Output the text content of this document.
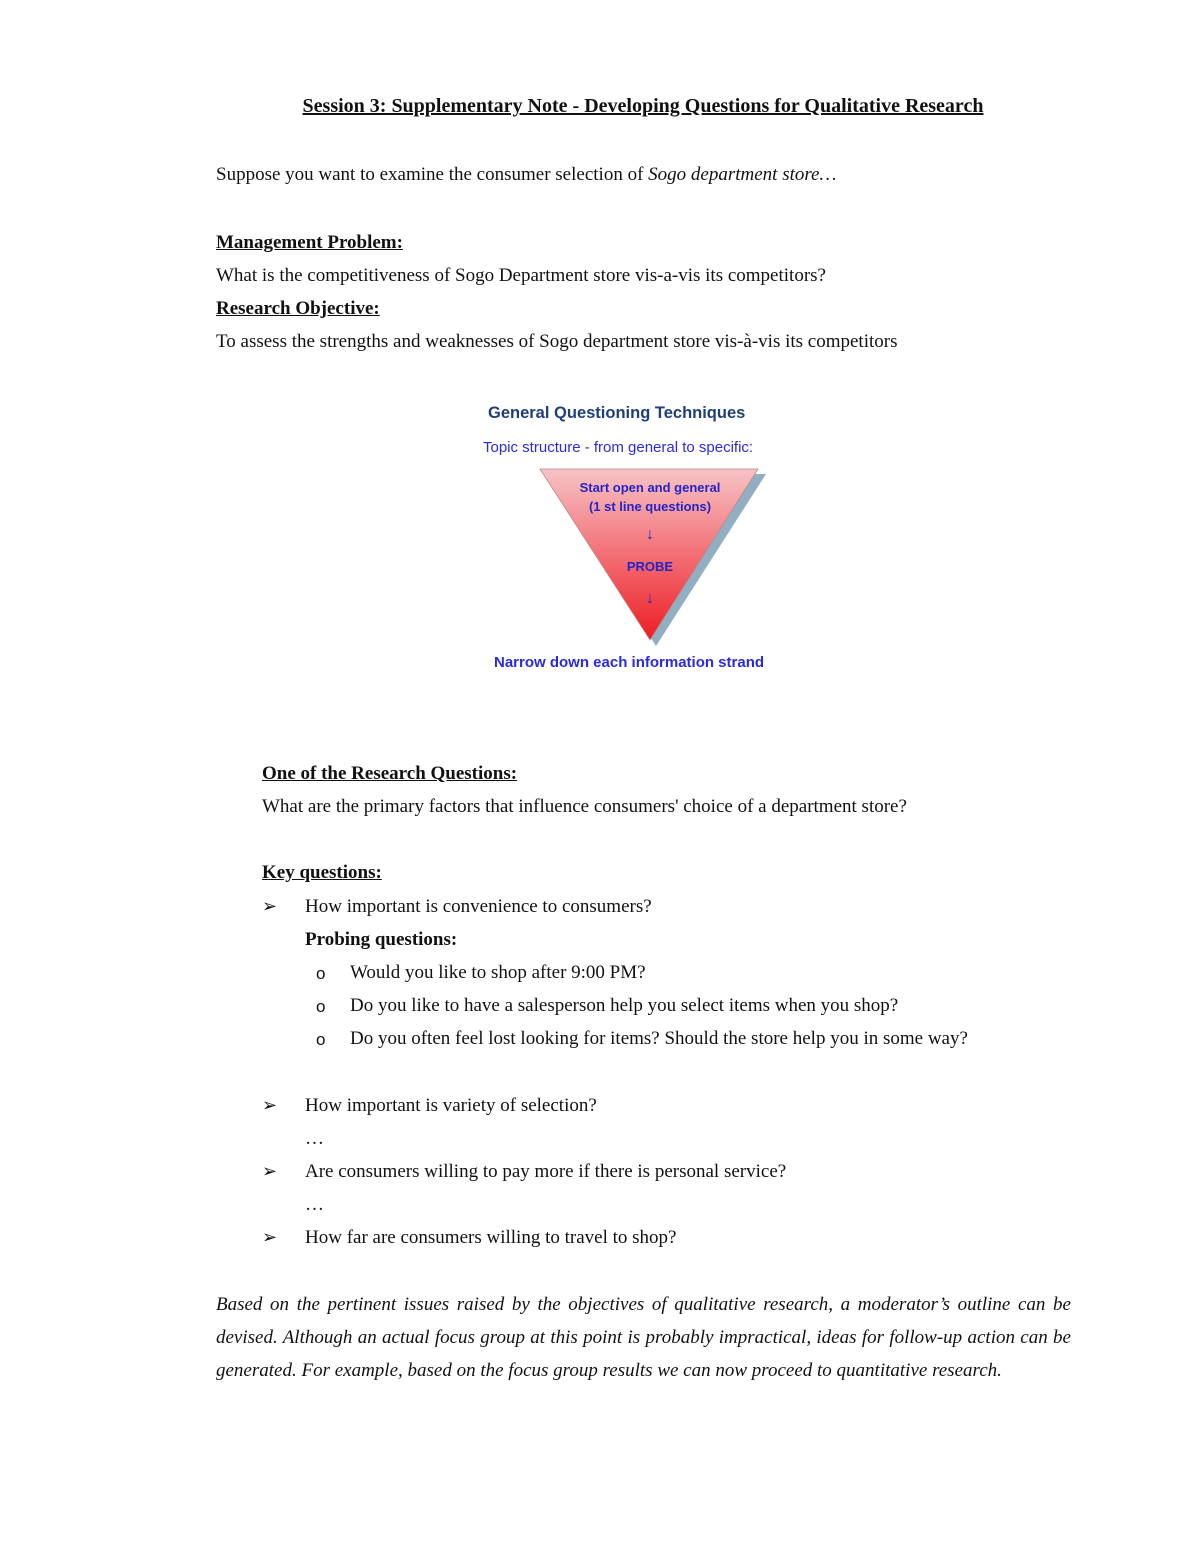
Session 3: Supplementary Note - Developing Questions for Qualitative Research
Suppose you want to examine the consumer selection of Sogo department store…
Management Problem:
What is the competitiveness of Sogo Department store vis-a-vis its competitors?
Research Objective:
To assess the strengths and weaknesses of Sogo department store vis-à-vis its competitors
General Questioning Techniques
Topic structure - from general to specific:
Start open and general
(1 st line questions)
↓
PROBE
↓
Narrow down each information strand
One of the Research Questions:
What are the primary factors that influence consumers' choice of a department store?
Key questions:
➢ How important is convenience to consumers?
Probing questions:
o Would you like to shop after 9:00 PM?
o Do you like to have a salesperson help you select items when you shop?
o Do you often feel lost looking for items? Should the store help you in some way?
➢ How important is variety of selection?
…
➢ Are consumers willing to pay more if there is personal service?
…
➢ How far are consumers willing to travel to shop?
Based on the pertinent issues raised by the objectives of qualitative research, a moderator’s outline can be devised. Although an actual focus group at this point is probably impractical, ideas for follow-up action can be generated. For example, based on the focus group results we can now proceed to quantitative research.
